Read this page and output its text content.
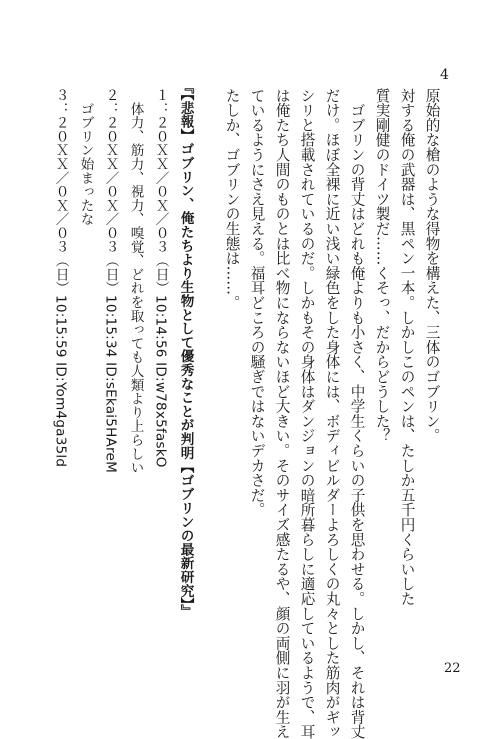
4
原始的な槍のような得物を構えた、三体のゴブリン。
対する俺の武器は、黒ペン一本。しかしこのペンは、たしか五千円くらいした
質実剛健のドイツ製だ……くそっ、だからどうした？
　ゴブリンの背丈はどれも俺よりも小さく、中学生くらいの子供を思わせる。しかし、それは背丈
だけ。ほぼ全裸に近い浅い緑色をした身体には、ボディビルダーよろしくの丸々とした筋肉がギッ
シリと搭載されているのだ。しかもその身体はダンジョンの暗所暮らしに適応しているようで、耳
は俺たち人間のものとは比べ物にならないほど大きい。そのサイズ感たるや、顔の両側に羽が生え
ているようにさえ見える。福耳どころの騒ぎではないデカさだ。
たしか、ゴブリンの生態は……。
『【悲報】ゴブリン、俺たちより生物として優秀なことが判明【ゴブリンの最新研究】』
１：２０ＸＸ／０Ｘ／０３（日）10:14:56 ID:w78x5faskO
　体力、筋力、視力、嗅覚、どれを取っても人類より上らしい
２：２０ＸＸ／０Ｘ／０３（日）10:15:34 ID:sEkai5HAreM
　ゴブリン始まったな
３：２０ＸＸ／０Ｘ／０３（日）10:15:59 ID:Yom4ga35ld
22
